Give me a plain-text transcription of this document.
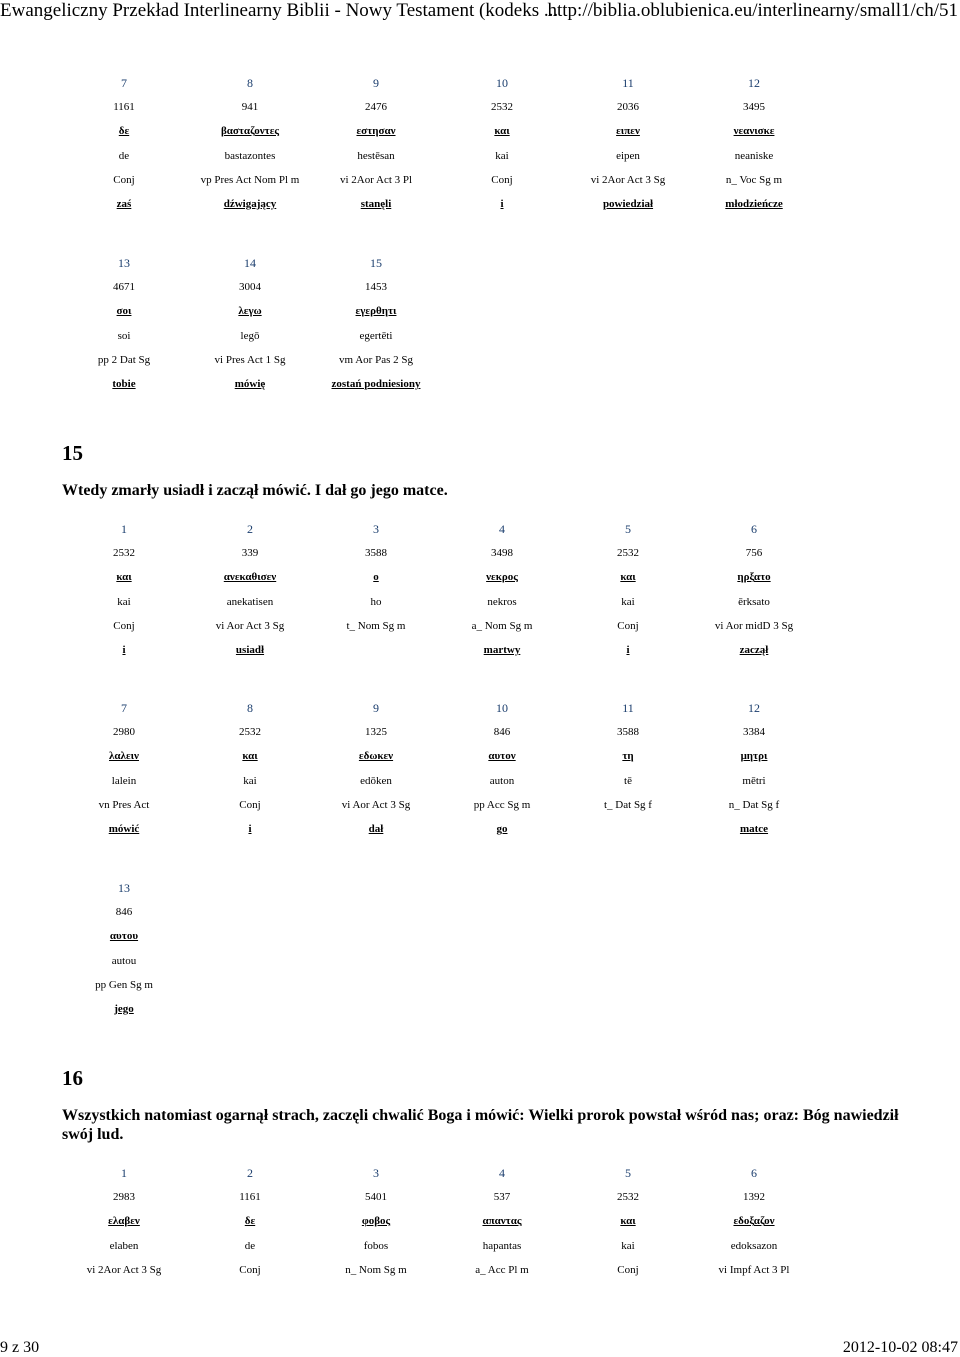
Ewangeliczny Przekład Interlinearny Biblii - Nowy Testament (kodeks ...
http://biblia.oblubienica.eu/interlinearny/small1/ch/51
7	8	9	10	11	12
1161	941	2476	2532	2036	3495
δε	βασταζοντες	εστησαν	και	ειπεν	νεανισκε
de	bastazontes	hestēsan	kai	eipen	neaniske
Conj	vp Pres Act Nom Pl m	vi 2Aor Act 3 Pl	Conj	vi 2Aor Act 3 Sg	n_ Voc Sg m
zaś	dźwigający	stanęli	i	powiedział	młodzieńcze
13	14	15			
4671	3004	1453			
σοι	λεγω	εγερθητι			
soi	legō	egertēti			
pp 2 Dat Sg	vi Pres Act 1 Sg	vm Aor Pas 2 Sg			
tobie	mówię	zostań podniesiony			
15
Wtedy zmarły usiadł i zaczął mówić. I dał go jego matce.
1	2	3	4	5	6
2532	339	3588	3498	2532	756
και	ανεκαθισεν	ο	νεκρος	και	ηρξατο
kai	anekatisen	ho	nekros	kai	ērksato
Conj	vi Aor Act 3 Sg	t_ Nom Sg m	a_ Nom Sg m	Conj	vi Aor midD 3 Sg
i	usiadł		martwy	i	zaczął
7	8	9	10	11	12
2980	2532	1325	846	3588	3384
λαλειν	και	εδωκεν	αυτον	τη	μητρι
lalein	kai	edōken	auton	tē	mētri
vn Pres Act	Conj	vi Aor Act 3 Sg	pp Acc Sg m	t_ Dat Sg f	n_ Dat Sg f
mówić	i	dał	go		matce
13					
846					
αυτου					
autou					
pp Gen Sg m					
jego					
16
Wszystkich natomiast ogarnął strach, zaczęli chwalić Boga i mówić: Wielki prorok powstał wśród nas; oraz: Bóg nawiedził swój lud.
1	2	3	4	5	6
2983	1161	5401	537	2532	1392
ελαβεν	δε	φοβος	απαντας	και	εδοξαζον
elaben	de	fobos	hapantas	kai	edoksazon
vi 2Aor Act 3 Sg	Conj	n_ Nom Sg m	a_ Acc Pl m	Conj	vi Impf Act 3 Pl
9 z 30	2012-10-02 08:47
